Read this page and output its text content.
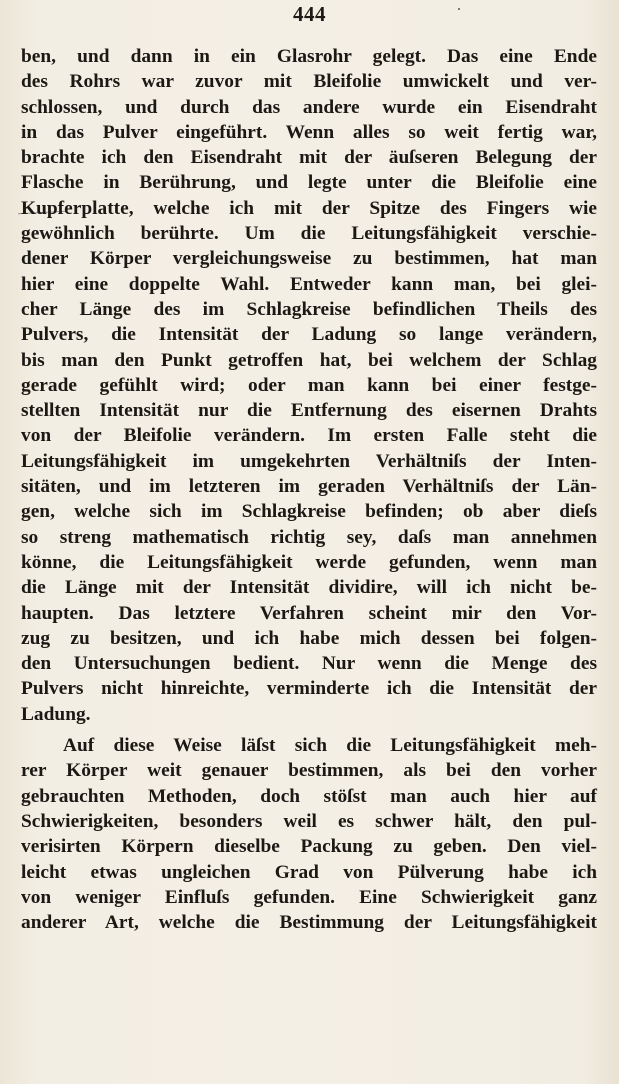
444
ben, und dann in ein Glasrohr gelegt. Das eine Ende
des Rohrs war zuvor mit Bleifolie umwickelt und ver-
schlossen, und durch das andere wurde ein Eisendraht
in das Pulver eingeführt. Wenn alles so weit fertig war,
brachte ich den Eisendraht mit der äuſseren Belegung der
Flasche in Berührung, und legte unter die Bleifolie eine
Kupferplatte, welche ich mit der Spitze des Fingers wie
gewöhnlich berührte. Um die Leitungsfähigkeit verschie-
dener Körper vergleichungsweise zu bestimmen, hat man
hier eine doppelte Wahl. Entweder kann man, bei glei-
cher Länge des im Schlagkreise befindlichen Theils des
Pulvers, die Intensität der Ladung so lange verändern,
bis man den Punkt getroffen hat, bei welchem der Schlag
gerade gefühlt wird; oder man kann bei einer festge-
stellten Intensität nur die Entfernung des eisernen Drahts
von der Bleifolie verändern. Im ersten Falle steht die
Leitungsfähigkeit im umgekehrten Verhältniſs der Inten-
sitäten, und im letzteren im geraden Verhältniſs der Län-
gen, welche sich im Schlagkreise befinden; ob aber dieſs
so streng mathematisch richtig sey, daſs man annehmen
könne, die Leitungsfähigkeit werde gefunden, wenn man
die Länge mit der Intensität dividire, will ich nicht be-
haupten. Das letztere Verfahren scheint mir den Vor-
zug zu besitzen, und ich habe mich dessen bei folgen-
den Untersuchungen bedient. Nur wenn die Menge des
Pulvers nicht hinreichte, verminderte ich die Intensität der
Ladung.
Auf diese Weise läſst sich die Leitungsfähigkeit meh-
rer Körper weit genauer bestimmen, als bei den vorher
gebrauchten Methoden, doch stöſst man auch hier auf
Schwierigkeiten, besonders weil es schwer hält, den pul-
verisirten Körpern dieselbe Packung zu geben. Den viel-
leicht etwas ungleichen Grad von Pülverung habe ich
von weniger Einfluſs gefunden. Eine Schwierigkeit ganz
anderer Art, welche die Bestimmung der Leitungsfähigkeit
